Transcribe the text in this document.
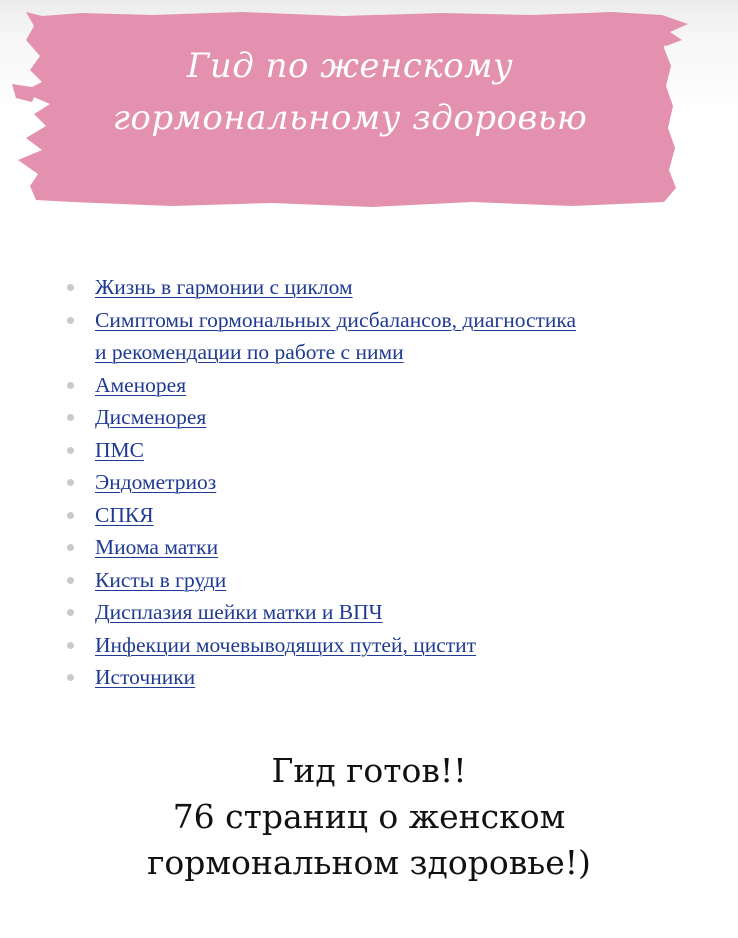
Гид по женскому
гормональному здоровью
Жизнь в гармонии с циклом
Симптомы гормональных дисбалансов, диагностика
и рекомендации по работе с ними
Аменорея
Дисменорея
ПМС
Эндометриоз
СПКЯ
Миома матки
Кисты в груди
Дисплазия шейки матки и ВПЧ
Инфекции мочевыводящих путей, цистит
Источники
Гид готов!!
76 страниц о женском
гормональном здоровье!)
